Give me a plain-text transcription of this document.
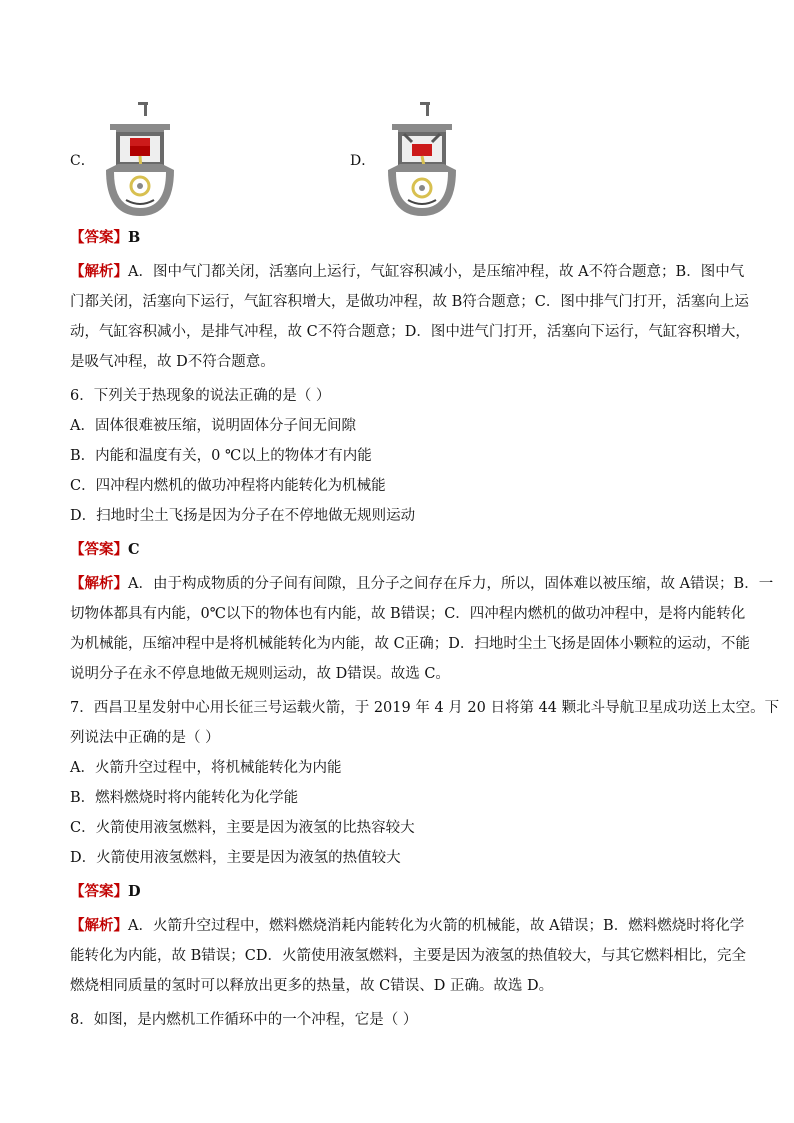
C．	D．
【答案】B
【解析】A．图中气门都关闭，活塞向上运行，气缸容积减小，是压缩冲程，故 A不符合题意；B．图中气
门都关闭，活塞向下运行，气缸容积增大，是做功冲程，故 B符合题意；C．图中排气门打开，活塞向上运
动，气缸容积减小，是排气冲程，故 C不符合题意；D．图中进气门打开，活塞向下运行，气缸容积增大，
是吸气冲程，故 D不符合题意。
6．下列关于热现象的说法正确的是（ ）
A．固体很难被压缩，说明固体分子间无间隙
B．内能和温度有关，0 ℃以上的物体才有内能
C．四冲程内燃机的做功冲程将内能转化为机械能
D．扫地时尘土飞扬是因为分子在不停地做无规则运动
【答案】C
【解析】A．由于构成物质的分子间有间隙，且分子之间存在斥力，所以，固体难以被压缩，故 A错误；B．一
切物体都具有内能，0℃以下的物体也有内能，故 B错误；C．四冲程内燃机的做功冲程中，是将内能转化
为机械能，压缩冲程中是将机械能转化为内能，故 C正确；D．扫地时尘土飞扬是固体小颗粒的运动，不能
说明分子在永不停息地做无规则运动，故 D错误。故选 C。
7．西昌卫星发射中心用长征三号运载火箭，于 2019 年 4 月 20 日将第 44 颗北斗导航卫星成功送上太空。下
列说法中正确的是（ ）
A．火箭升空过程中，将机械能转化为内能
B．燃料燃烧时将内能转化为化学能
C．火箭使用液氢燃料，主要是因为液氢的比热容较大
D．火箭使用液氢燃料，主要是因为液氢的热值较大
【答案】D
【解析】A．火箭升空过程中，燃料燃烧消耗内能转化为火箭的机械能，故 A错误；B．燃料燃烧时将化学
能转化为内能，故 B错误；CD．火箭使用液氢燃料，主要是因为液氢的热值较大，与其它燃料相比，完全
燃烧相同质量的氢时可以释放出更多的热量，故 C错误、D 正确。故选 D。
8．如图，是内燃机工作循环中的一个冲程，它是（ ）
